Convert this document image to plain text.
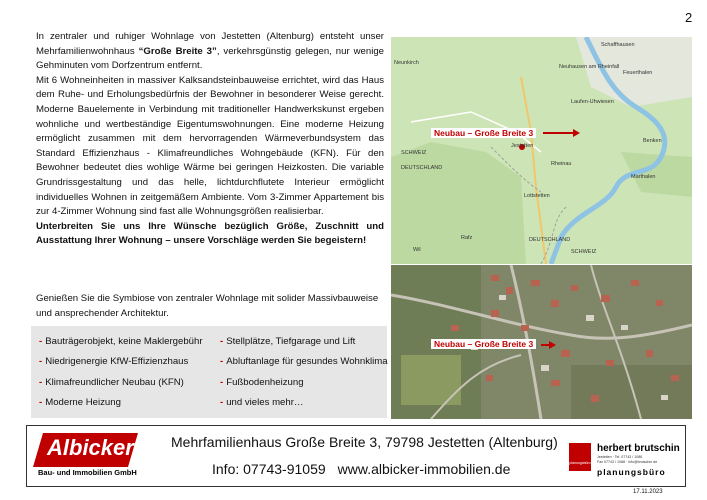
2

In zentraler und ruhiger Wohnlage von Jestetten (Altenburg) entsteht unser Mehrfamilienwohnhaus “Große Breite 3”, verkehrsgünstig gelegen, nur wenige Gehminuten vom Dorfzentrum entfernt.

Mit 6 Wohneinheiten in massiver Kalksandsteinbauweise errichtet, wird das Haus dem Ruhe- und Erholungsbedürfnis der Bewohner in besonderer Weise gerecht. Moderne Bauelemente in Verbindung mit traditioneller Handwerkskunst ergeben wohnliche und wertbeständige Eigentumswohnungen. Eine moderne Heizung ermöglicht zusammen mit dem hervorragenden Wärmeverbundsystem das Standard Effizienzhaus - Klimafreundliches Wohngebäude (KFN). Für den Bewohner bedeutet dies wohlige Wärme bei geringen Heizkosten. Die variable Grundrissgestaltung und das helle, lichtdurchflutete Interieur ermöglicht individuelles Wohnen in zeitgemäßem Ambiente. Vom 3-Zimmer Appartement bis zur 4-Zimmer Wohnung sind fast alle Wohnungsgrößen realisierbar.

Unterbreiten Sie uns Ihre Wünsche bezüglich Größe, Zuschnitt und Ausstattung Ihrer Wohnung – unsere Vorschläge werden Sie begeistern!

Genießen Sie die Symbiose von zentraler Wohnlage mit solider Massivbauweise und ansprechender Architektur.
- Bauträgerobjekt, keine Maklergebühr
- Niedrigenergie KfW-Effizienzhaus
- Klimafreundlicher Neubau (KFN)
- Moderne Heizung
- Stellplätze, Tiefgarage und Lift
- Abluftanlage für gesundes Wohnklima
- Fußbodenheizung
- und vieles mehr…
Schaffhausen
Feuerthalen
Neuhausen am Rheinfall
Laufen-Uhwiesen
Jestetten
Lottstetten
Marthalen
Benken
Neunkirch
Rafz
Wil
Rheinau
SCHWEIZ
DEUTSCHLAND
DEUTSCHLAND
SCHWEIZ
Neubau – Große Breite 3
Neubau – Große Breite 3
Albicker
Bau- und Immobilien GmbH
Mehrfamilienhaus Große Breite 3, 79798 Jestetten (Altenburg)
Info: 07743-91059 www.albicker-immobilien.de	planungsbüro
herbert brutschin
Jestetten · Tel. 07743 / 1086
Fax 07743 / 1088 · info@brutschin.de
planungsbüro
17.11.2023
